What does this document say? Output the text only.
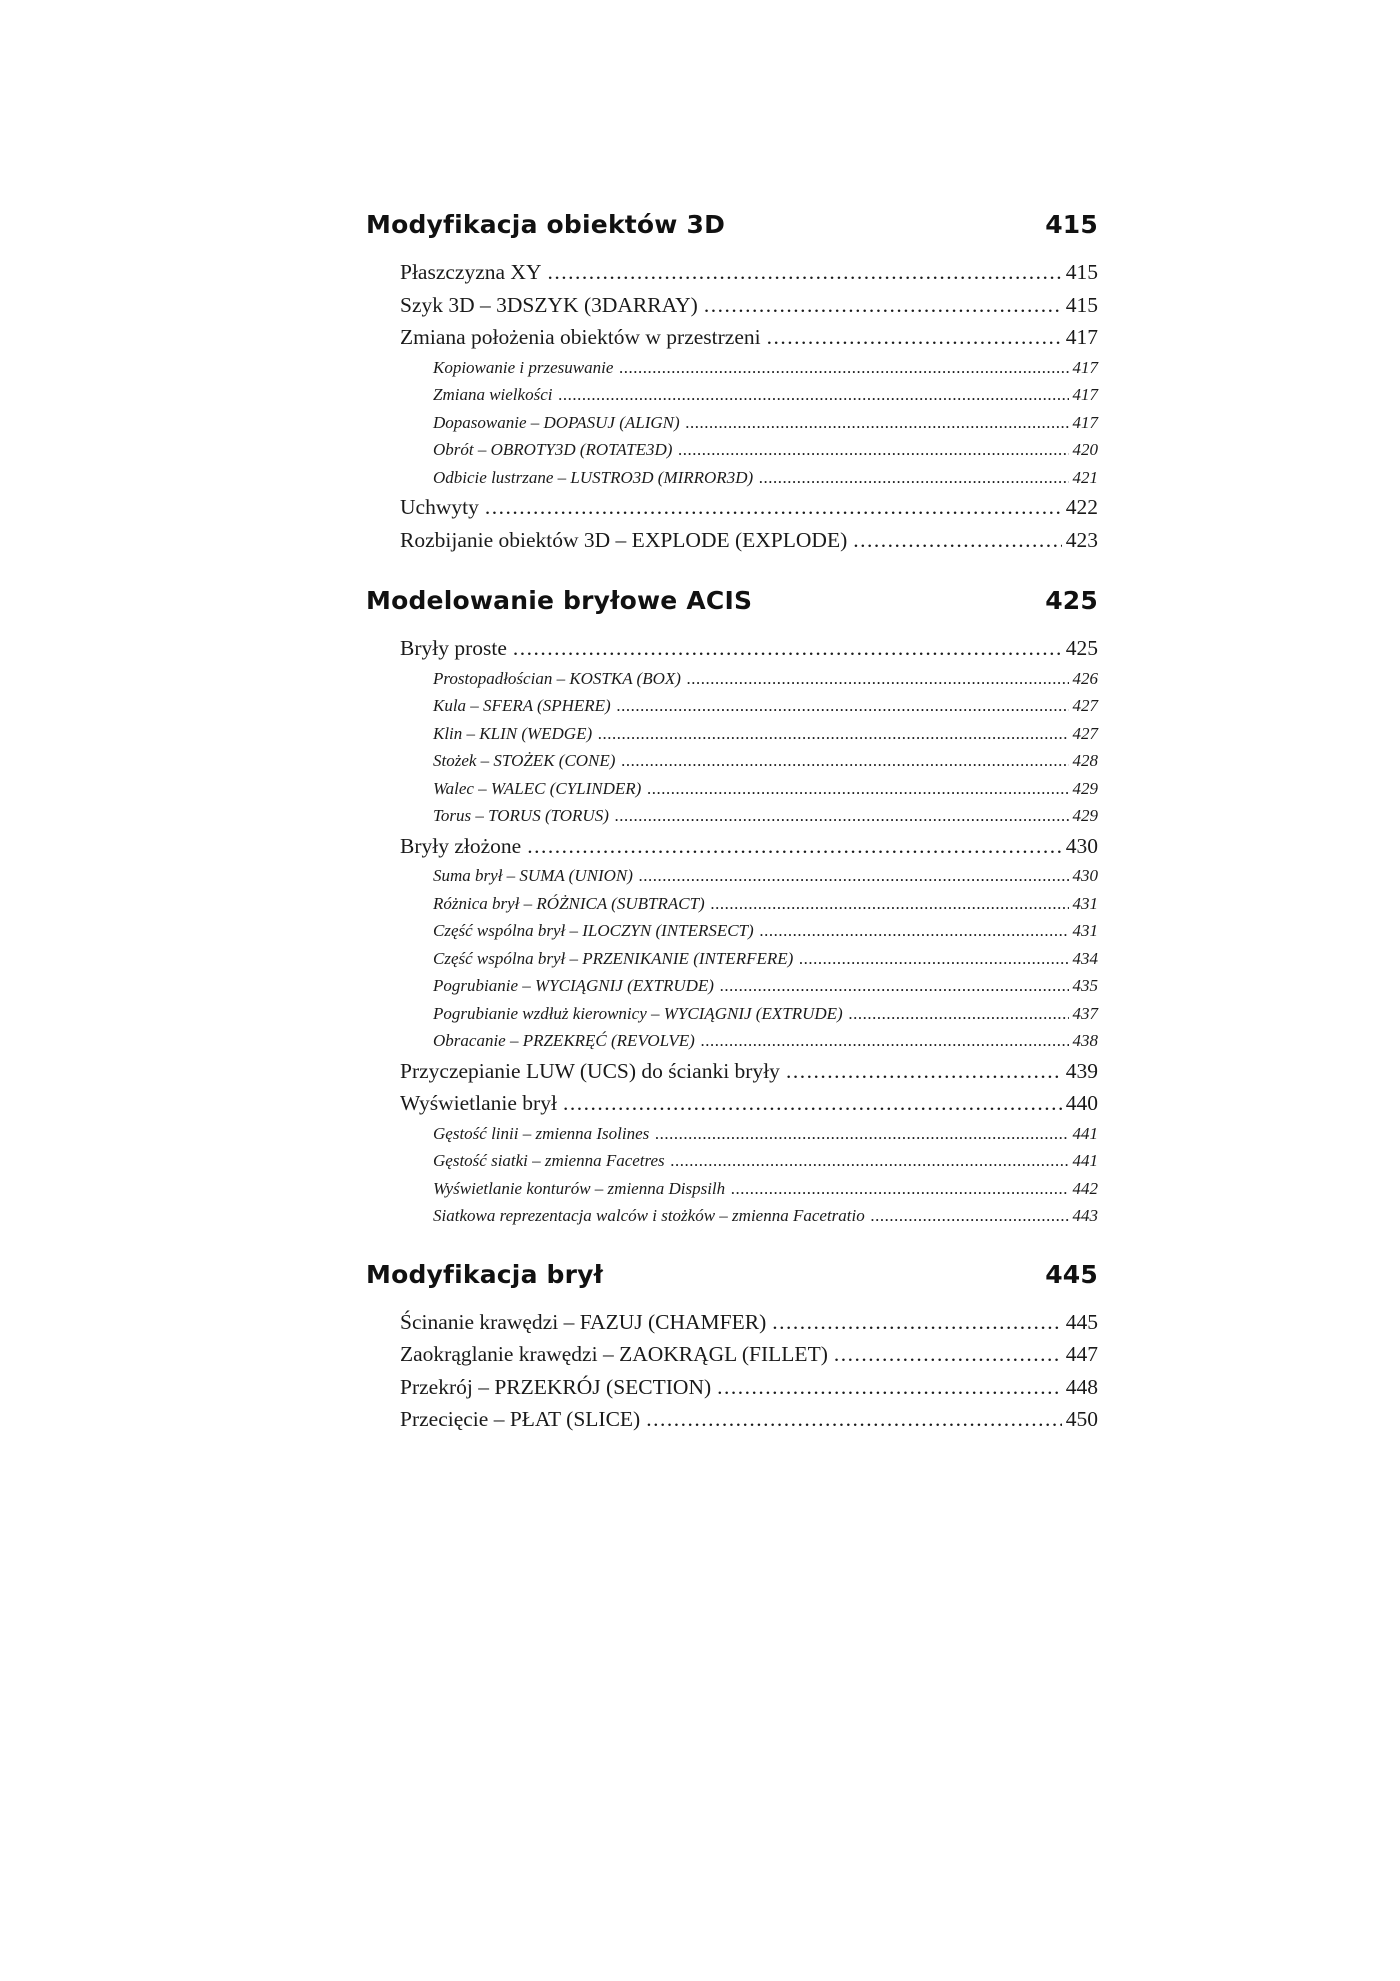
Modyfikacja obiektów 3D	415
Płaszczyzna XY .....	415
Szyk 3D – 3DSZYK (3DARRAY) .....	415
Zmiana położenia obiektów w przestrzeni .....	417
Kopiowanie i przesuwanie .....	417
Zmiana wielkości .....	417
Dopasowanie – DOPASUJ (ALIGN) .....	417
Obrót – OBROTY3D (ROTATE3D) .....	420
Odbicie lustrzane – LUSTRO3D (MIRROR3D) .....	421
Uchwyty .....	422
Rozbijanie obiektów 3D – EXPLODE (EXPLODE) .....	423
Modelowanie bryłowe ACIS	425
Bryły proste .....	425
Prostopadłościan – KOSTKA (BOX) .....	426
Kula – SFERA (SPHERE) .....	427
Klin – KLIN (WEDGE) .....	427
Stożek – STOŻEK (CONE) .....	428
Walec – WALEC (CYLINDER) .....	429
Torus – TORUS (TORUS) .....	429
Bryły złożone .....	430
Suma brył – SUMA (UNION) .....	430
Różnica brył – RÓŻNICA (SUBTRACT) .....	431
Część wspólna brył – ILOCZYN (INTERSECT) .....	431
Część wspólna brył – PRZENIKANIE (INTERFERE) .....	434
Pogrubianie – WYCIĄGNIJ (EXTRUDE) .....	435
Pogrubianie wzdłuż kierownicy – WYCIĄGNIJ (EXTRUDE) .....	437
Obracanie – PRZEKRĘĆ (REVOLVE) .....	438
Przyczepianie LUW (UCS) do ścianki bryły .....	439
Wyświetlanie brył .....	440
Gęstość linii – zmienna Isolines .....	441
Gęstość siatki – zmienna Facetres .....	441
Wyświetlanie konturów – zmienna Dispsilh .....	442
Siatkowa reprezentacja walców i stożków – zmienna Facetratio .....	443
Modyfikacja brył	445
Ścinanie krawędzi – FAZUJ (CHAMFER) .....	445
Zaokrąglanie krawędzi – ZAOKRĄGL (FILLET) .....	447
Przekrój – PRZEKRÓJ (SECTION) .....	448
Przecięcie – PŁAT (SLICE) .....	450
